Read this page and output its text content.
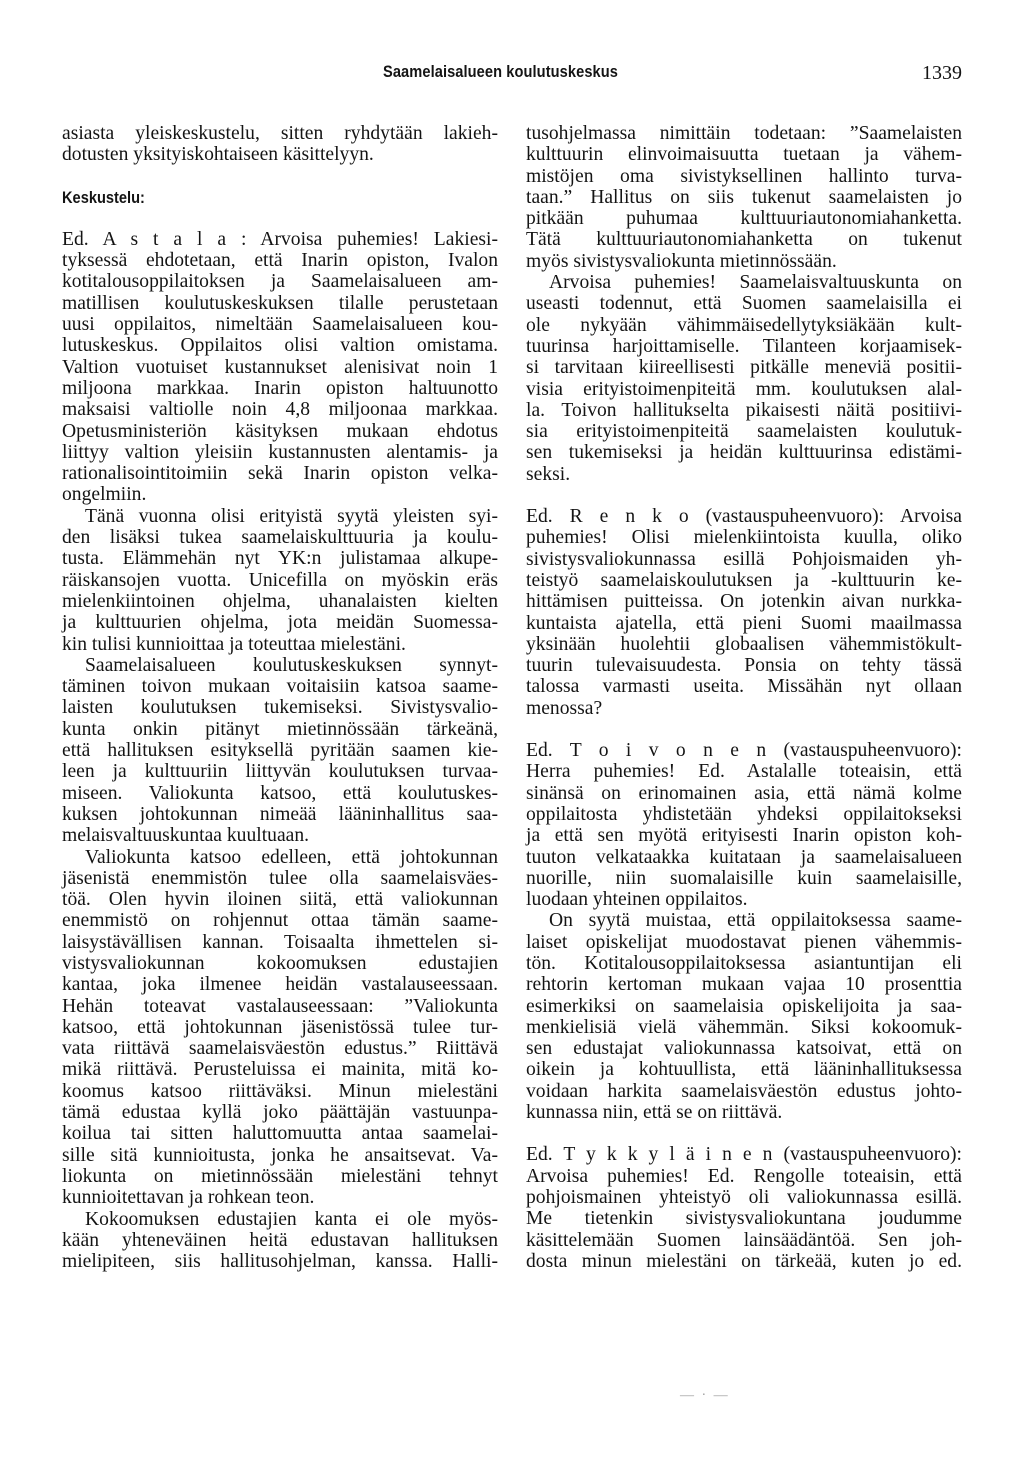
Saamelaisalueen koulutuskeskus	1339
asiasta yleiskeskustelu, sitten ryhdytään lakieh-
dotusten yksityiskohtaiseen käsittelyyn.
Keskustelu:
Ed. A s t a l a : Arvoisa puhemies! Lakiesi-
tyksessä ehdotetaan, että Inarin opiston, Ivalon
kotitalousoppilaitoksen ja Saamelaisalueen am-
matillisen koulutuskeskuksen tilalle perustetaan
uusi oppilaitos, nimeltään Saamelaisalueen kou-
lutuskeskus. Oppilaitos olisi valtion omistama.
Valtion vuotuiset kustannukset alenisivat noin 1
miljoona markkaa. Inarin opiston haltuunotto
maksaisi valtiolle noin 4,8 miljoonaa markkaa.
Opetusministeriön käsityksen mukaan ehdotus
liittyy valtion yleisiin kustannusten alentamis- ja
rationalisointitoimiin sekä Inarin opiston velka-
ongelmiin.
Tänä vuonna olisi erityistä syytä yleisten syi-
den lisäksi tukea saamelaiskulttuuria ja koulu-
tusta. Elämmehän nyt YK:n julistamaa alkupe-
räiskansojen vuotta. Unicefilla on myöskin eräs
mielenkiintoinen ohjelma, uhanalaisten kielten
ja kulttuurien ohjelma, jota meidän Suomessa-
kin tulisi kunnioittaa ja toteuttaa mielestäni.
Saamelaisalueen koulutuskeskuksen synnyt-
täminen toivon mukaan voitaisiin katsoa saame-
laisten koulutuksen tukemiseksi. Sivistysvalio-
kunta onkin pitänyt mietinnössään tärkeänä,
että hallituksen esityksellä pyritään saamen kie-
leen ja kulttuuriin liittyvän koulutuksen turvaa-
miseen. Valiokunta katsoo, että koulutuskes-
kuksen johtokunnan nimeää lääninhallitus saa-
melaisvaltuuskuntaa kuultuaan.
Valiokunta katsoo edelleen, että johtokunnan
jäsenistä enemmistön tulee olla saamelaisväes-
töä. Olen hyvin iloinen siitä, että valiokunnan
enemmistö on rohjennut ottaa tämän saame-
laisystävällisen kannan. Toisaalta ihmettelen si-
vistysvaliokunnan kokoomuksen edustajien
kantaa, joka ilmenee heidän vastalauseessaan.
Hehän toteavat vastalauseessaan: ”Valiokunta
katsoo, että johtokunnan jäsenistössä tulee tur-
vata riittävä saamelaisväestön edustus.” Riittävä
mikä riittävä. Perusteluissa ei mainita, mitä ko-
koomus katsoo riittäväksi. Minun mielestäni
tämä edustaa kyllä joko päättäjän vastuunpa-
koilua tai sitten haluttomuutta antaa saamelai-
sille sitä kunnioitusta, jonka he ansaitsevat. Va-
liokunta on mietinnössään mielestäni tehnyt
kunnioitettavan ja rohkean teon.
Kokoomuksen edustajien kanta ei ole myös-
kään yhteneväinen heitä edustavan hallituksen
mielipiteen, siis hallitusohjelman, kanssa. Halli-
tusohjelmassa nimittäin todetaan: ”Saamelaisten
kulttuurin elinvoimaisuutta tuetaan ja vähem-
mistöjen oma sivistyksellinen hallinto turva-
taan.” Hallitus on siis tukenut saamelaisten jo
pitkään puhumaa kulttuuriautonomiahanketta.
Tätä kulttuuriautonomiahanketta on tukenut
myös sivistysvaliokunta mietinnössään.
Arvoisa puhemies! Saamelaisvaltuuskunta on
useasti todennut, että Suomen saamelaisilla ei
ole nykyään vähimmäisedellytyksiäkään kult-
tuurinsa harjoittamiselle. Tilanteen korjaamisek-
si tarvitaan kiireellisesti pitkälle meneviä positii-
visia erityistoimenpiteitä mm. koulutuksen alal-
la. Toivon hallitukselta pikaisesti näitä positiivi-
sia erityistoimenpiteitä saamelaisten koulutuk-
sen tukemiseksi ja heidän kulttuurinsa edistämi-
seksi.
Ed. R e n k o (vastauspuheenvuoro): Arvoisa
puhemies! Olisi mielenkiintoista kuulla, oliko
sivistysvaliokunnassa esillä Pohjoismaiden yh-
teistyö saamelaiskoulutuksen ja -kulttuurin ke-
hittämisen puitteissa. On jotenkin aivan nurkka-
kuntaista ajatella, että pieni Suomi maailmassa
yksinään huolehtii globaalisen vähemmistökult-
tuurin tulevaisuudesta. Ponsia on tehty tässä
talossa varmasti useita. Missähän nyt ollaan
menossa?
Ed. T o i v o n e n (vastauspuheenvuoro):
Herra puhemies! Ed. Astalalle toteaisin, että
sinänsä on erinomainen asia, että nämä kolme
oppilaitosta yhdistetään yhdeksi oppilaitokseksi
ja että sen myötä erityisesti Inarin opiston koh-
tuuton velkataakka kuitataan ja saamelaisalueen
nuorille, niin suomalaisille kuin saamelaisille,
luodaan yhteinen oppilaitos.
On syytä muistaa, että oppilaitoksessa saame-
laiset opiskelijat muodostavat pienen vähemmis-
tön. Kotitalousoppilaitoksessa asiantuntijan eli
rehtorin kertoman mukaan vajaa 10 prosenttia
esimerkiksi on saamelaisia opiskelijoita ja saa-
menkielisiä vielä vähemmän. Siksi kokoomuk-
sen edustajat valiokunnassa katsoivat, että on
oikein ja kohtuullista, että lääninhallituksessa
voidaan harkita saamelaisväestön edustus johto-
kunnassa niin, että se on riittävä.
Ed. T y k k y l ä i n e n (vastauspuheenvuoro):
Arvoisa puhemies! Ed. Rengolle toteaisin, että
pohjoismainen yhteistyö oli valiokunnassa esillä.
Me tietenkin sivistysvaliokuntana joudumme
käsittelemään Suomen lainsäädäntöä. Sen joh-
dosta minun mielestäni on tärkeää, kuten jo ed.
— · —
